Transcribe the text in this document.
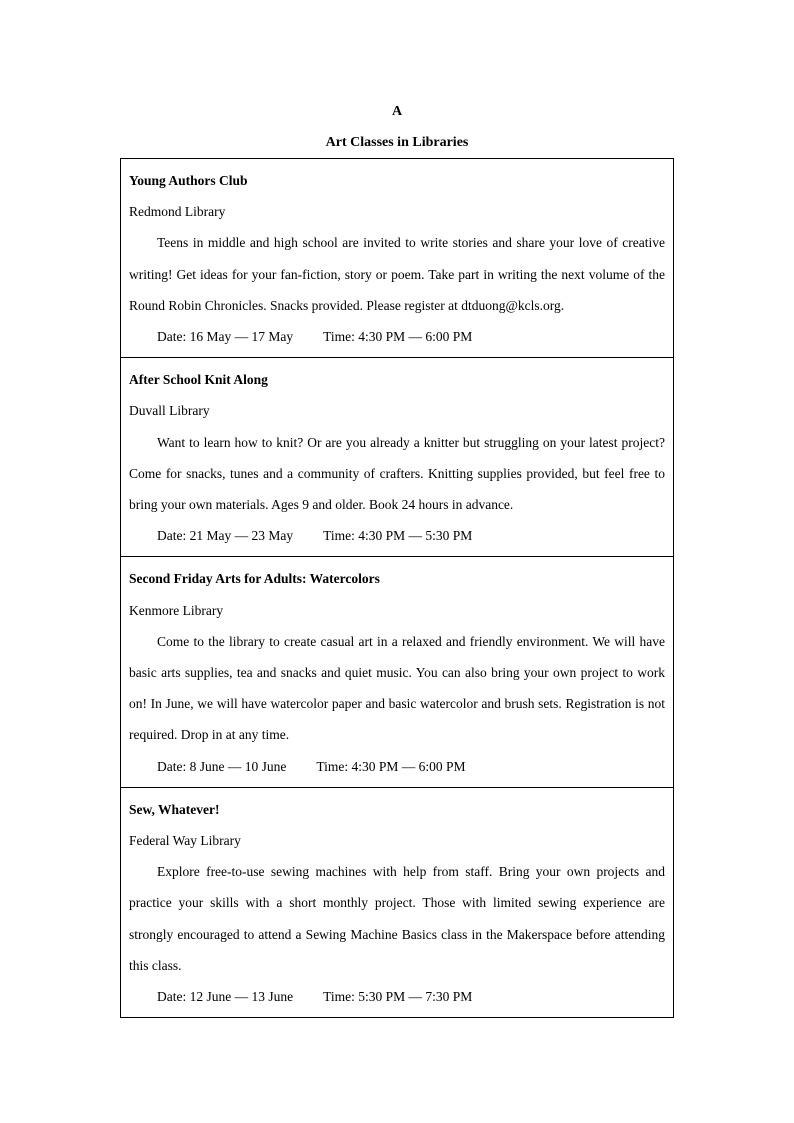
A
Art Classes in Libraries
Young Authors Club
Redmond Library
Teens in middle and high school are invited to write stories and share your love of creative writing! Get ideas for your fan-fiction, story or poem. Take part in writing the next volume of the Round Robin Chronicles. Snacks provided. Please register at dtduong@kcls.org.
Date: 16 May — 17 May Time: 4:30 PM — 6:00 PM
After School Knit Along
Duvall Library
Want to learn how to knit? Or are you already a knitter but struggling on your latest project? Come for snacks, tunes and a community of crafters. Knitting supplies provided, but feel free to bring your own materials. Ages 9 and older. Book 24 hours in advance.
Date: 21 May — 23 May Time: 4:30 PM — 5:30 PM
Second Friday Arts for Adults: Watercolors
Kenmore Library
Come to the library to create casual art in a relaxed and friendly environment. We will have basic arts supplies, tea and snacks and quiet music. You can also bring your own project to work on! In June, we will have watercolor paper and basic watercolor and brush sets. Registration is not required. Drop in at any time.
Date: 8 June — 10 June Time: 4:30 PM — 6:00 PM
Sew, Whatever!
Federal Way Library
Explore free-to-use sewing machines with help from staff. Bring your own projects and practice your skills with a short monthly project. Those with limited sewing experience are strongly encouraged to attend a Sewing Machine Basics class in the Makerspace before attending this class.
Date: 12 June — 13 June Time: 5:30 PM — 7:30 PM
